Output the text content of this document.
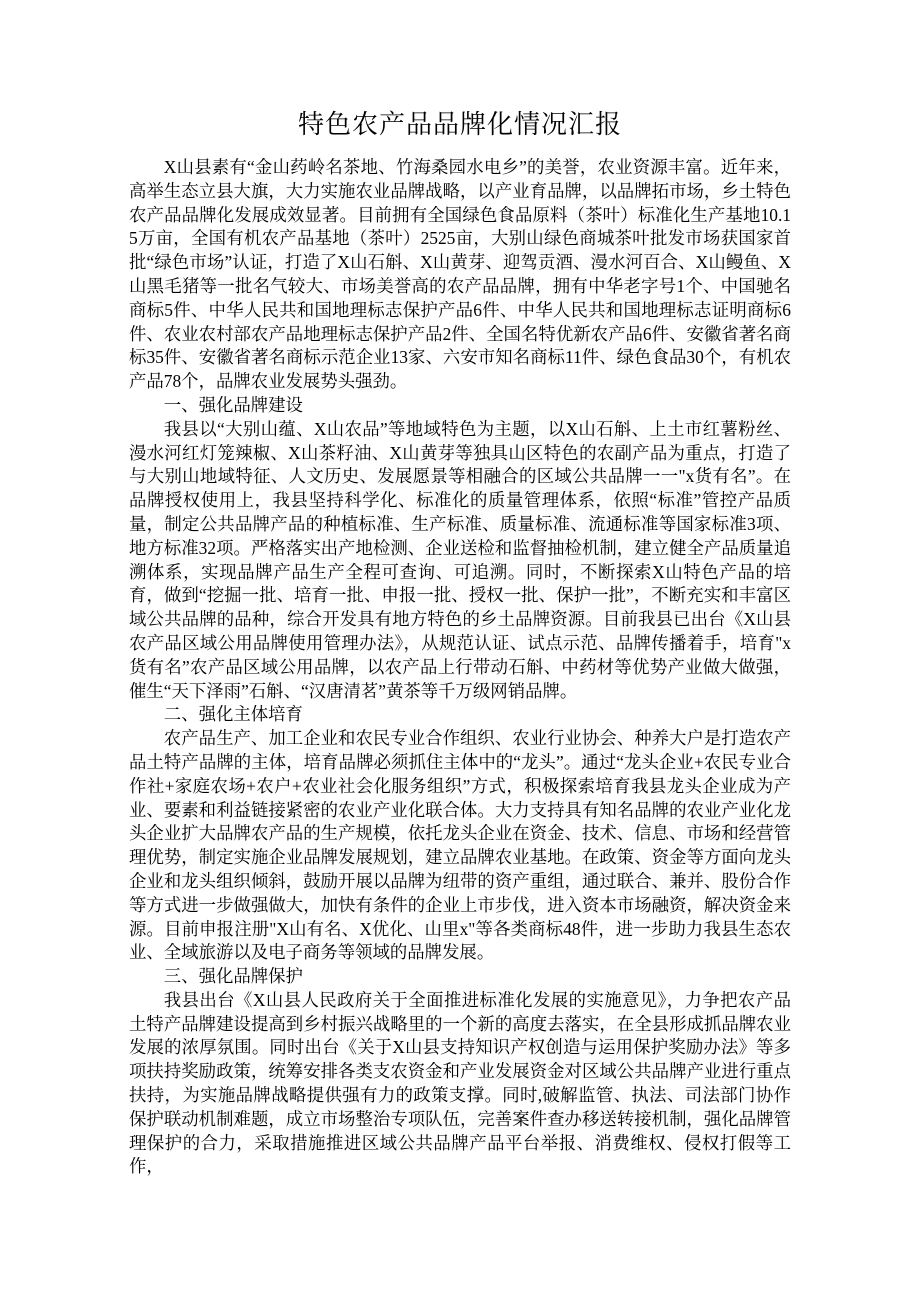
特色农产品品牌化情况汇报

X山县素有“金山药岭名茶地、竹海桑园水电乡”的美誉，农业资源丰富。近年来，高举生态立县大旗，大力实施农业品牌战略，以产业育品牌，以品牌拓市场，乡土特色农产品品牌化发展成效显著。目前拥有全国绿色食品原料（茶叶）标准化生产基地10.15万亩，全国有机农产品基地（茶叶）2525亩，大别山绿色商城茶叶批发市场获国家首批“绿色市场”认证，打造了X山石斛、X山黄芽、迎驾贡酒、漫水河百合、X山鳗鱼、X山黑毛猪等一批名气较大、市场美誉高的农产品品牌，拥有中华老字号1个、中国驰名商标5件、中华人民共和国地理标志保护产品6件、中华人民共和国地理标志证明商标6件、农业农村部农产品地理标志保护产品2件、全国名特优新农产品6件、安徽省著名商标35件、安徽省著名商标示范企业13家、六安市知名商标11件、绿色食品30个，有机农产品78个，品牌农业发展势头强劲。

一、强化品牌建设

我县以“大别山蕴、X山农品”等地域特色为主题，以X山石斛、上土市红薯粉丝、漫水河红灯笼辣椒、X山茶籽油、X山黄芽等独具山区特色的农副产品为重点，打造了与大别山地域特征、人文历史、发展愿景等相融合的区域公共品牌一一"x货有名”。在品牌授权使用上，我县坚持科学化、标准化的质量管理体系，依照“标准”管控产品质量，制定公共品牌产品的种植标准、生产标准、质量标准、流通标准等国家标准3项、地方标准32项。严格落实出产地检测、企业送检和监督抽检机制，建立健全产品质量追溯体系，实现品牌产品生产全程可查询、可追溯。同时，不断探索X山特色产品的培育，做到“挖掘一批、培育一批、申报一批、授权一批、保护一批”，不断充实和丰富区域公共品牌的品种，综合开发具有地方特色的乡土品牌资源。目前我县已出台《X山县农产品区域公用品牌使用管理办法》，从规范认证、试点示范、品牌传播着手，培育"x货有名”农产品区域公用品牌，以农产品上行带动石斛、中药材等优势产业做大做强，催生“天下泽雨”石斛、“汉唐清茗”黄茶等千万级网销品牌。

二、强化主体培育

农产品生产、加工企业和农民专业合作组织、农业行业协会、种养大户是打造农产品土特产品牌的主体，培育品牌必须抓住主体中的“龙头”。通过“龙头企业+农民专业合作社+家庭农场+农户+农业社会化服务组织”方式，积极探索培育我县龙头企业成为产业、要素和利益链接紧密的农业产业化联合体。大力支持具有知名品牌的农业产业化龙头企业扩大品牌农产品的生产规模，依托龙头企业在资金、技术、信息、市场和经营管理优势，制定实施企业品牌发展规划，建立品牌农业基地。在政策、资金等方面向龙头企业和龙头组织倾斜，鼓励开展以品牌为纽带的资产重组，通过联合、兼并、股份合作等方式进一步做强做大，加快有条件的企业上市步伐，进入资本市场融资，解决资金来源。目前申报注册"X山有名、X优化、山里x"等各类商标48件，进一步助力我县生态农业、全域旅游以及电子商务等领域的品牌发展。

三、强化品牌保护

我县出台《X山县人民政府关于全面推进标准化发展的实施意见》，力争把农产品土特产品牌建设提高到乡村振兴战略里的一个新的高度去落实，在全县形成抓品牌农业发展的浓厚氛围。同时出台《关于X山县支持知识产权创造与运用保护奖励办法》等多项扶持奖励政策，统筹安排各类支农资金和产业发展资金对区域公共品牌产业进行重点扶持，为实施品牌战略提供强有力的政策支撑。同时,破解监管、执法、司法部门协作保护联动机制难题，成立市场整治专项队伍，完善案件查办移送转接机制，强化品牌管理保护的合力，采取措施推进区域公共品牌产品平台举报、消费维权、侵权打假等工作，
